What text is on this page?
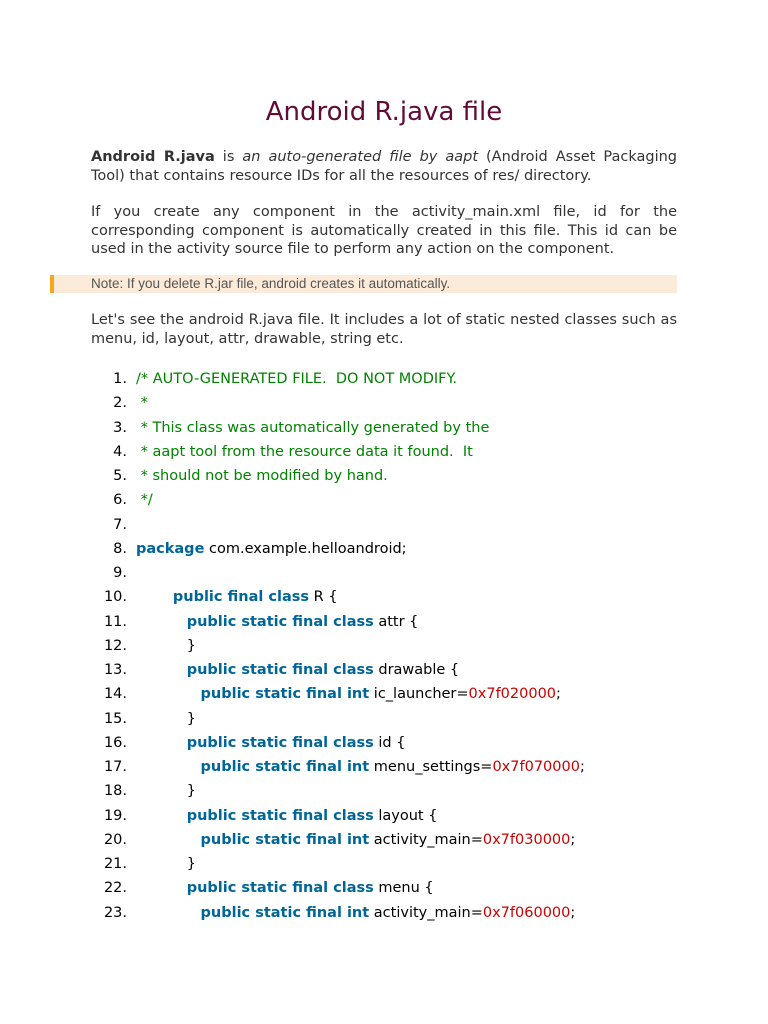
Android R.java file

Android R.java is an auto-generated file by aapt (Android Asset Packaging Tool) that contains resource IDs for all the resources of res/ directory.

If you create any component in the activity_main.xml file, id for the corresponding component is automatically created in this file. This id can be used in the activity source file to perform any action on the component.

Note: If you delete R.jar file, android creates it automatically.

Let's see the android R.java file. It includes a lot of static nested classes such as menu, id, layout, attr, drawable, string etc.

1. /* AUTO-GENERATED FILE.  DO NOT MODIFY.
2. *
3. * This class was automatically generated by the
4. * aapt tool from the resource data it found.  It
5. * should not be modified by hand.
6. */
7.
8. package com.example.helloandroid;
9.
10.	public final class R {
11.	public static final class attr {
12.	}
13.	public static final class drawable {
14.	public static final int ic_launcher=0x7f020000;
15.	}
16.	public static final class id {
17.	public static final int menu_settings=0x7f070000;
18.	}
19.	public static final class layout {
20.	public static final int activity_main=0x7f030000;
21.	}
22.	public static final class menu {
23.	public static final int activity_main=0x7f060000;
